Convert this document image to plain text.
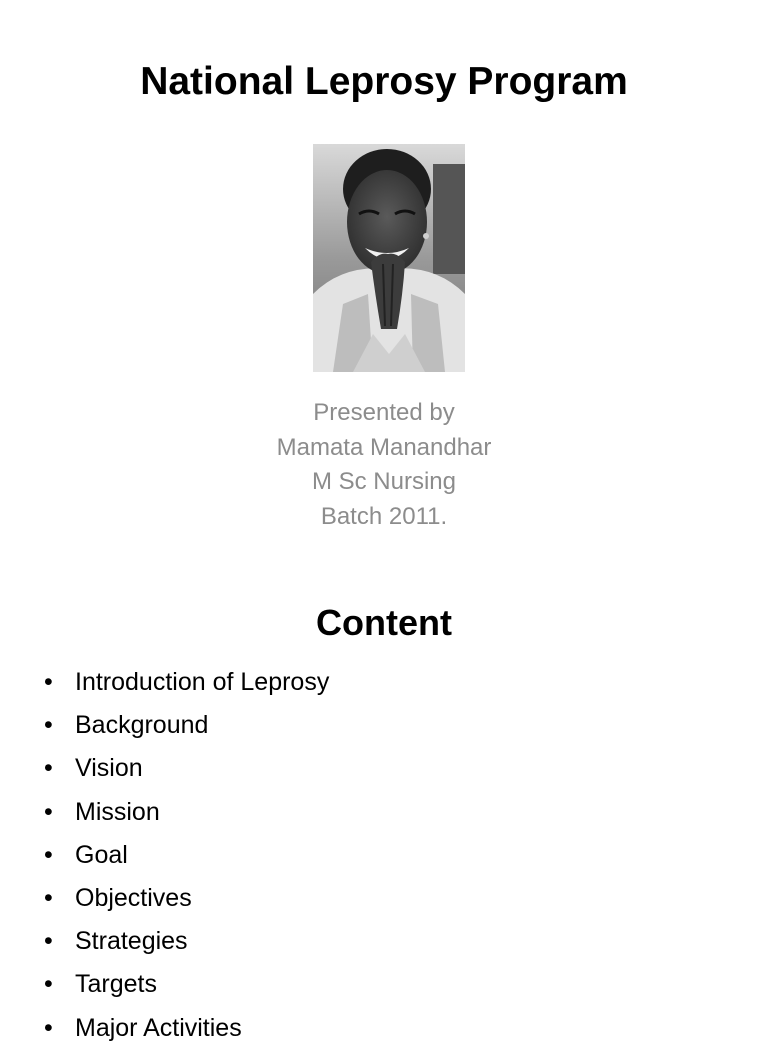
National Leprosy Program
Presented by
Mamata Manandhar
M Sc Nursing
Batch 2011.
Content
• Introduction of Leprosy
• Background
• Vision
• Mission
• Goal
• Objectives
• Strategies
• Targets
• Major Activities
